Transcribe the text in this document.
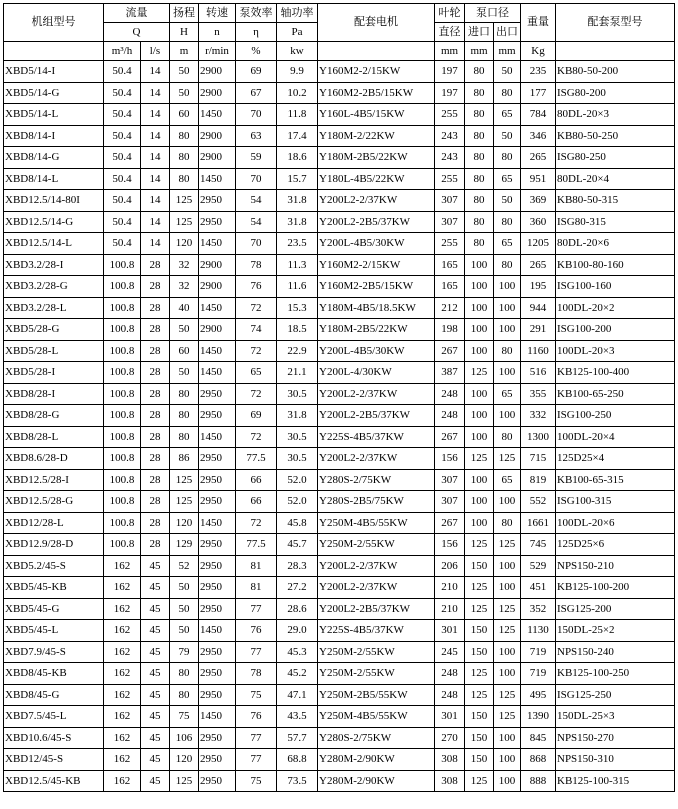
机组型号	流量		扬程	转速	泵效率	轴功率	配套电机	叶轮	泵口径		重量	配套泵型号
	Q		H	n	η	Pa		直径	进口	出口		
	m³/h	l/s	m	r/min	%	kw		mm	mm	mm	Kg	
XBD5/14-I	50.4	14	50	2900	69	9.9	Y160M2-2/15KW	197	80	50	235	KB80-50-200
XBD5/14-G	50.4	14	50	2900	67	10.2	Y160M2-2B5/15KW	197	80	80	177	ISG80-200
XBD5/14-L	50.4	14	60	1450	70	11.8	Y160L-4B5/15KW	255	80	65	784	80DL-20×3
XBD8/14-I	50.4	14	80	2900	63	17.4	Y180M-2/22KW	243	80	50	346	KB80-50-250
XBD8/14-G	50.4	14	80	2900	59	18.6	Y180M-2B5/22KW	243	80	80	265	ISG80-250
XBD8/14-L	50.4	14	80	1450	70	15.7	Y180L-4B5/22KW	255	80	65	951	80DL-20×4
XBD12.5/14-80I	50.4	14	125	2950	54	31.8	Y200L2-2/37KW	307	80	50	369	KB80-50-315
XBD12.5/14-G	50.4	14	125	2950	54	31.8	Y200L2-2B5/37KW	307	80	80	360	ISG80-315
XBD12.5/14-L	50.4	14	120	1450	70	23.5	Y200L-4B5/30KW	255	80	65	1205	80DL-20×6
XBD3.2/28-I	100.8	28	32	2900	78	11.3	Y160M2-2/15KW	165	100	80	265	KB100-80-160
XBD3.2/28-G	100.8	28	32	2900	76	11.6	Y160M2-2B5/15KW	165	100	100	195	ISG100-160
XBD3.2/28-L	100.8	28	40	1450	72	15.3	Y180M-4B5/18.5KW	212	100	100	944	100DL-20×2
XBD5/28-G	100.8	28	50	2900	74	18.5	Y180M-2B5/22KW	198	100	100	291	ISG100-200
XBD5/28-L	100.8	28	60	1450	72	22.9	Y200L-4B5/30KW	267	100	80	1160	100DL-20×3
XBD5/28-I	100.8	28	50	1450	65	21.1	Y200L-4/30KW	387	125	100	516	KB125-100-400
XBD8/28-I	100.8	28	80	2950	72	30.5	Y200L2-2/37KW	248	100	65	355	KB100-65-250
XBD8/28-G	100.8	28	80	2950	69	31.8	Y200L2-2B5/37KW	248	100	100	332	ISG100-250
XBD8/28-L	100.8	28	80	1450	72	30.5	Y225S-4B5/37KW	267	100	80	1300	100DL-20×4
XBD8.6/28-D	100.8	28	86	2950	77.5	30.5	Y200L2-2/37KW	156	125	125	715	125D25×4
XBD12.5/28-I	100.8	28	125	2950	66	52.0	Y280S-2/75KW	307	100	65	819	KB100-65-315
XBD12.5/28-G	100.8	28	125	2950	66	52.0	Y280S-2B5/75KW	307	100	100	552	ISG100-315
XBD12/28-L	100.8	28	120	1450	72	45.8	Y250M-4B5/55KW	267	100	80	1661	100DL-20×6
XBD12.9/28-D	100.8	28	129	2950	77.5	45.7	Y250M-2/55KW	156	125	125	745	125D25×6
XBD5.2/45-S	162	45	52	2950	81	28.3	Y200L2-2/37KW	206	150	100	529	NPS150-210
XBD5/45-KB	162	45	50	2950	81	27.2	Y200L2-2/37KW	210	125	100	451	KB125-100-200
XBD5/45-G	162	45	50	2950	77	28.6	Y200L2-2B5/37KW	210	125	125	352	ISG125-200
XBD5/45-L	162	45	50	1450	76	29.0	Y225S-4B5/37KW	301	150	125	1130	150DL-25×2
XBD7.9/45-S	162	45	79	2950	77	45.3	Y250M-2/55KW	245	150	100	719	NPS150-240
XBD8/45-KB	162	45	80	2950	78	45.2	Y250M-2/55KW	248	125	100	719	KB125-100-250
XBD8/45-G	162	45	80	2950	75	47.1	Y250M-2B5/55KW	248	125	125	495	ISG125-250
XBD7.5/45-L	162	45	75	1450	76	43.5	Y250M-4B5/55KW	301	150	125	1390	150DL-25×3
XBD10.6/45-S	162	45	106	2950	77	57.7	Y280S-2/75KW	270	150	100	845	NPS150-270
XBD12/45-S	162	45	120	2950	77	68.8	Y280M-2/90KW	308	150	100	868	NPS150-310
XBD12.5/45-KB	162	45	125	2950	75	73.5	Y280M-2/90KW	308	125	100	888	KB125-100-315
